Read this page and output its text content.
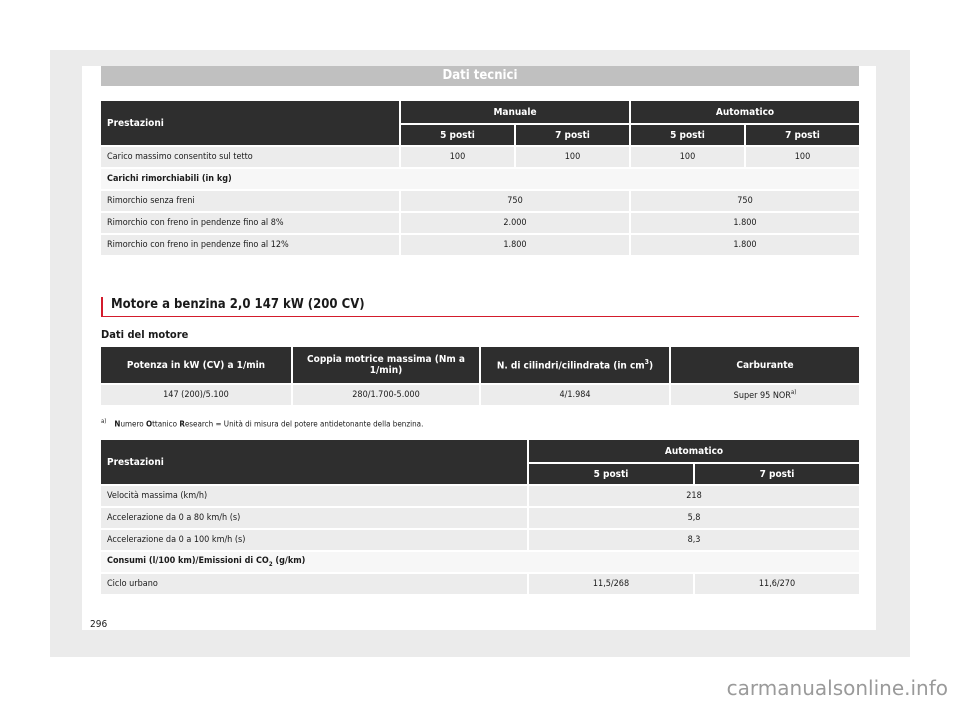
Dati tecnici
Prestazioni	Manuale		Automatico	
	5 posti	7 posti	5 posti	7 posti
Carico massimo consentito sul tetto	100	100	100	100
Carichi rimorchiabili (in kg)				
Rimorchio senza freni	750		750	
Rimorchio con freno in pendenze fino al 8%	2.000		1.800	
Rimorchio con freno in pendenze fino al 12%	1.800		1.800	
Motore a benzina 2,0 147 kW (200 CV)
Dati del motore
Potenza in kW (CV) a 1/min	Coppia motrice massima (Nm a 1/min)	N. di cilindri/cilindrata (in $cm^3$)	Carburante
147 (200)/5.100	280/1.700-5.000	4/1.984	Super 95 NOR$^{a)}$
$^{a)}$ Numero Ottanico Research = Unità di misura del potere antidetonante della benzina.
Prestazioni	Automatico	
	5 posti	7 posti
Velocità massima (km/h)	218	
Accelerazione da 0 a 80 km/h (s)	5,8	
Accelerazione da 0 a 100 km/h (s)	8,3	
Consumi (l/100 km)/Emissioni di $CO_2$ (g/km)		
Ciclo urbano	11,5/268	11,6/270
296
carmanualsonline.info
